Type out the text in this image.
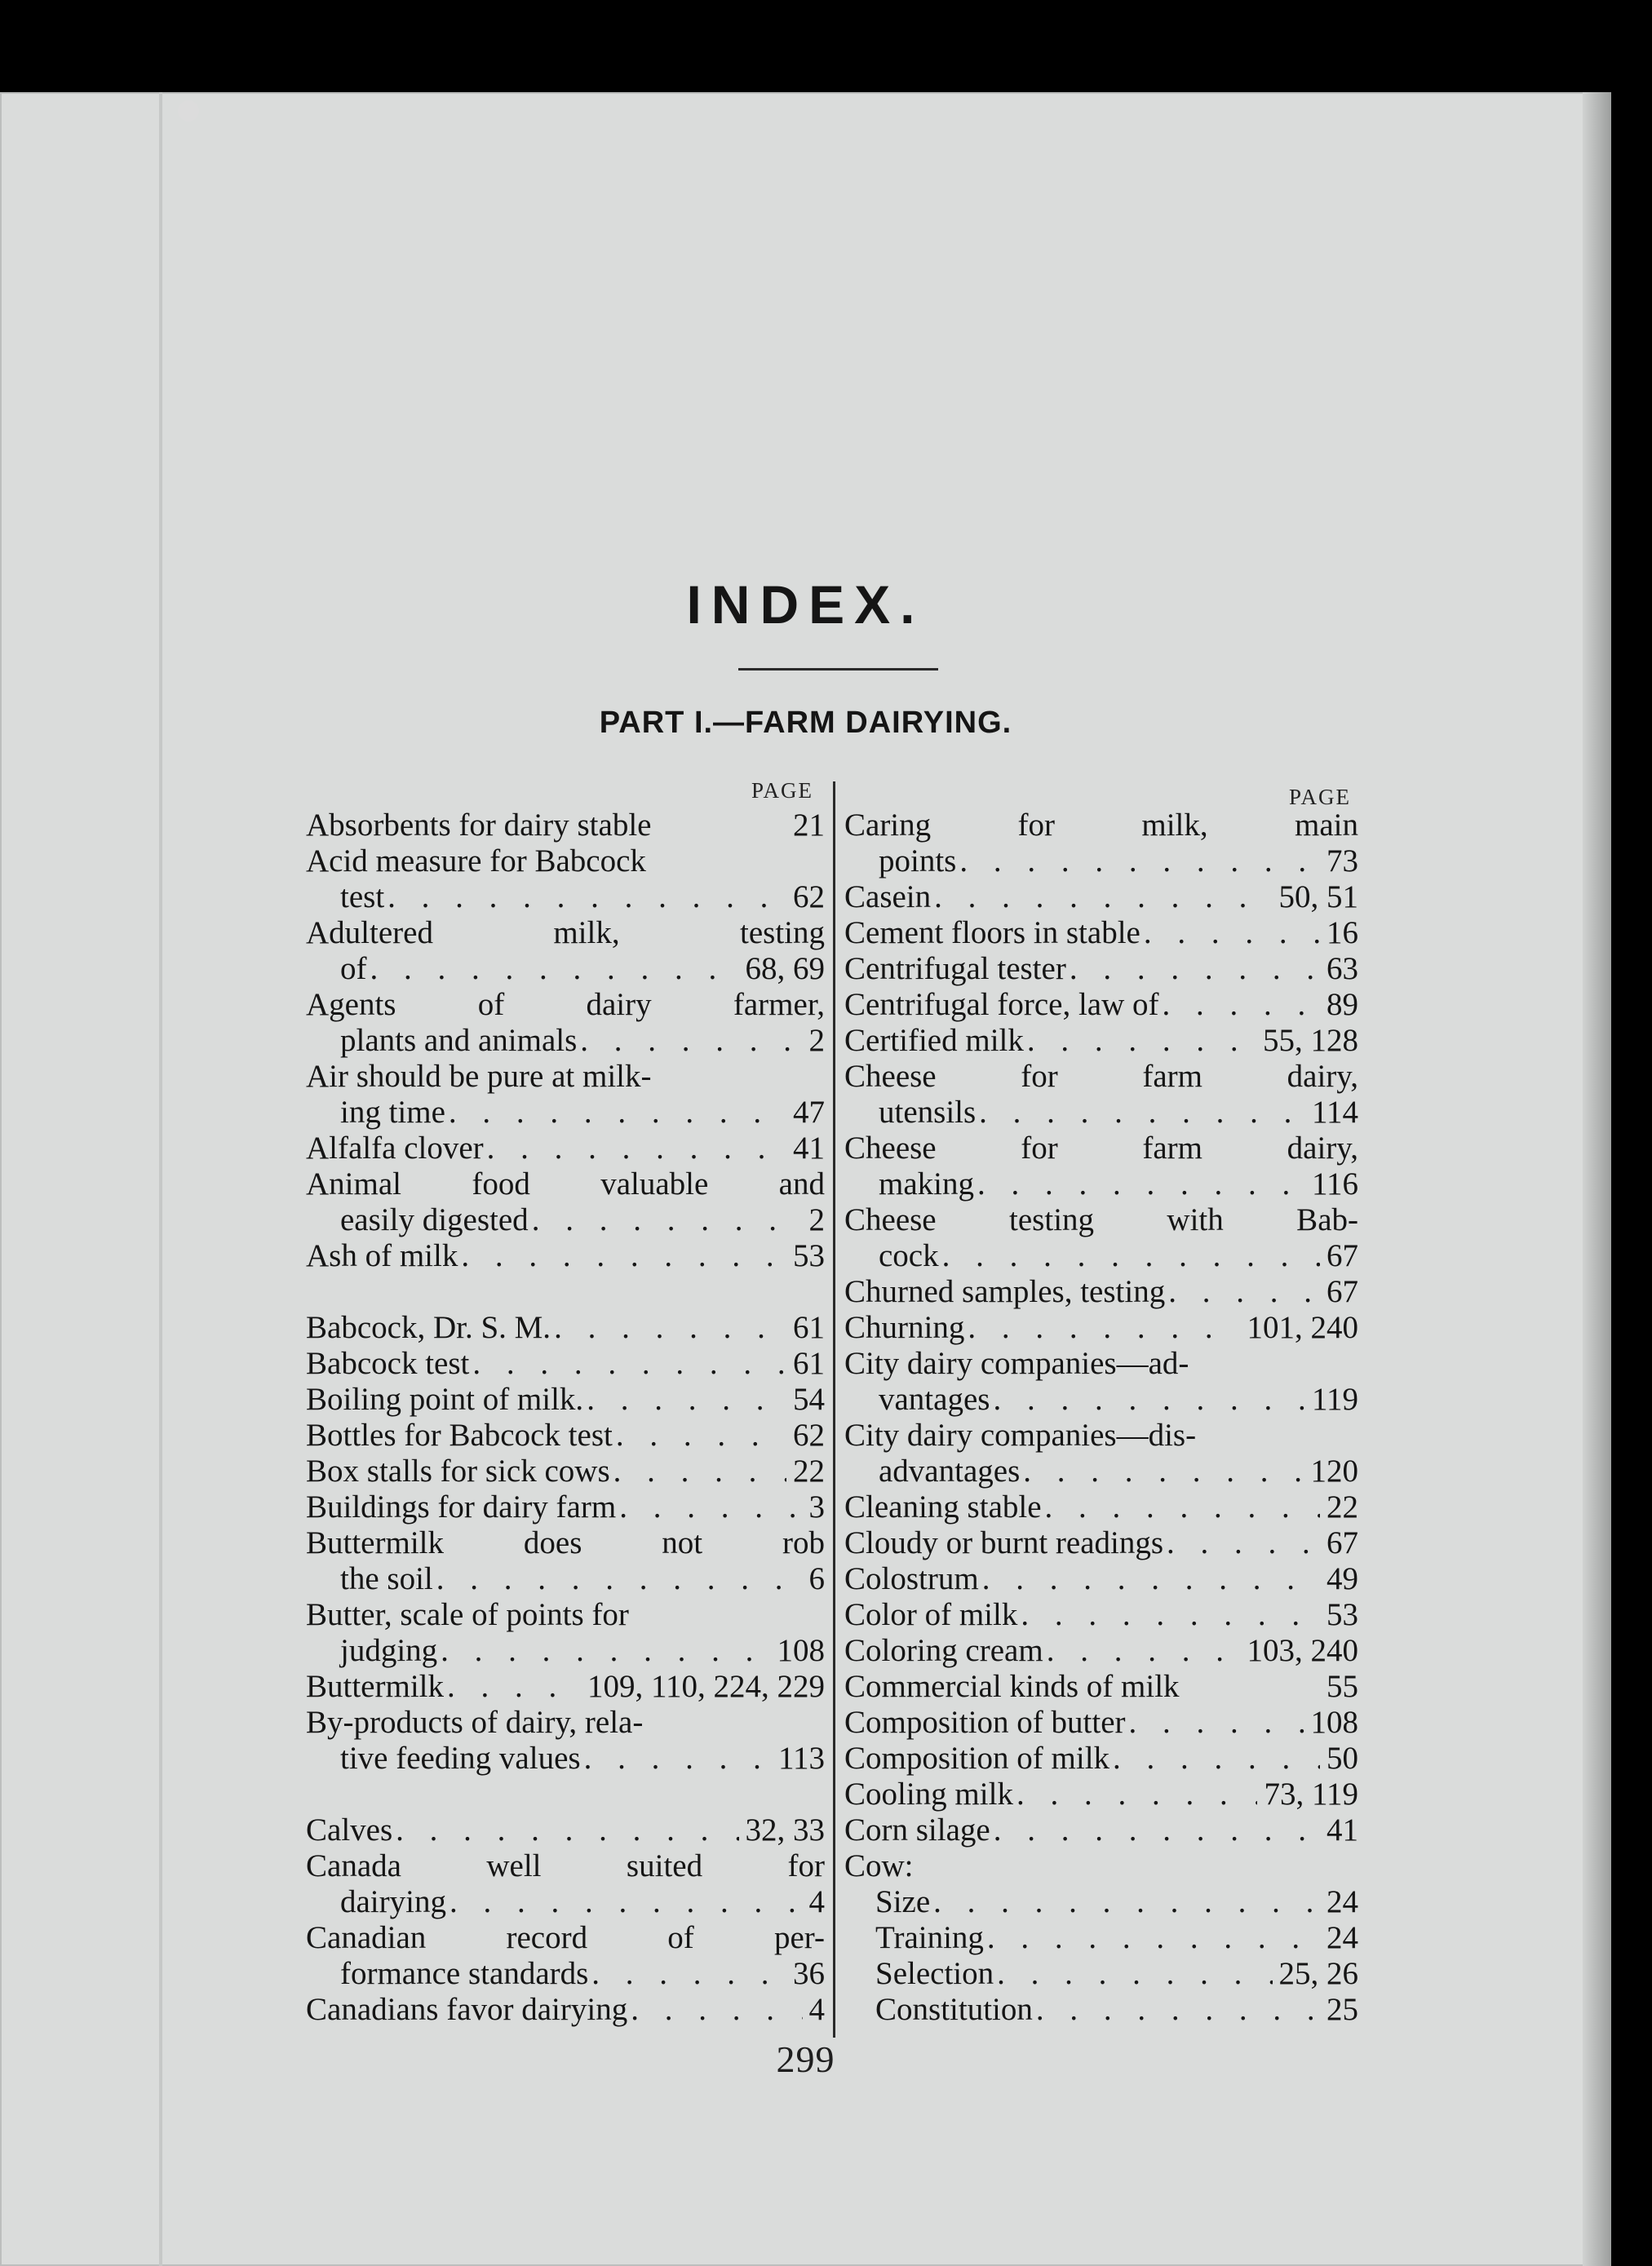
INDEX.
PART I.—FARM DAIRYING.
PAGE	PAGE
Absorbents for dairy stable	21
Acid measure for Babcock
test . . .	62
Adultered milk, testing
of . . .	68, 69
Agents of dairy farmer,
plants and animals . . .	2
Air should be pure at milk-
ing time . . .	47
Alfalfa clover . . .	41
Animal food valuable and
easily digested . . .	2
Ash of milk . . .	53
Babcock, Dr. S. M. . . .	61
Babcock test . . .	61
Boiling point of milk. . . .	54
Bottles for Babcock test . . .	62
Box stalls for sick cows . . .	22
Buildings for dairy farm . . .	3
Buttermilk does not rob
the soil . . .	6
Butter, scale of points for
judging . . .	108
Buttermilk . . .	109, 110, 224, 229
By-products of dairy, rela-
tive feeding values . . .	113
Calves . . .	32, 33
Canada well suited for
dairying . . .	4
Canadian record of per-
formance standards . . .	36
Canadians favor dairying . . .	4
Caring for milk, main
points . . .	73
Casein . . .	50, 51
Cement floors in stable . . .	16
Centrifugal tester . . .	63
Centrifugal force, law of . . .	89
Certified milk . . .	55, 128
Cheese for farm dairy,
utensils . . .	114
Cheese for farm dairy,
making . . .	116
Cheese testing with Bab-
cock . . .	67
Churned samples, testing . . .	67
Churning . . .	101, 240
City dairy companies—ad-
vantages . . .	119
City dairy companies—dis-
advantages . . .	120
Cleaning stable . . .	22
Cloudy or burnt readings . . .	67
Colostrum . . .	49
Color of milk . . .	53
Coloring cream . . .	103, 240
Commercial kinds of milk	55
Composition of butter . . .	108
Composition of milk . . .	50
Cooling milk . . .	73, 119
Corn silage . . .	41
Cow:
Size . . .	24
Training . . .	24
Selection . . .	25, 26
Constitution . . .	25
299
